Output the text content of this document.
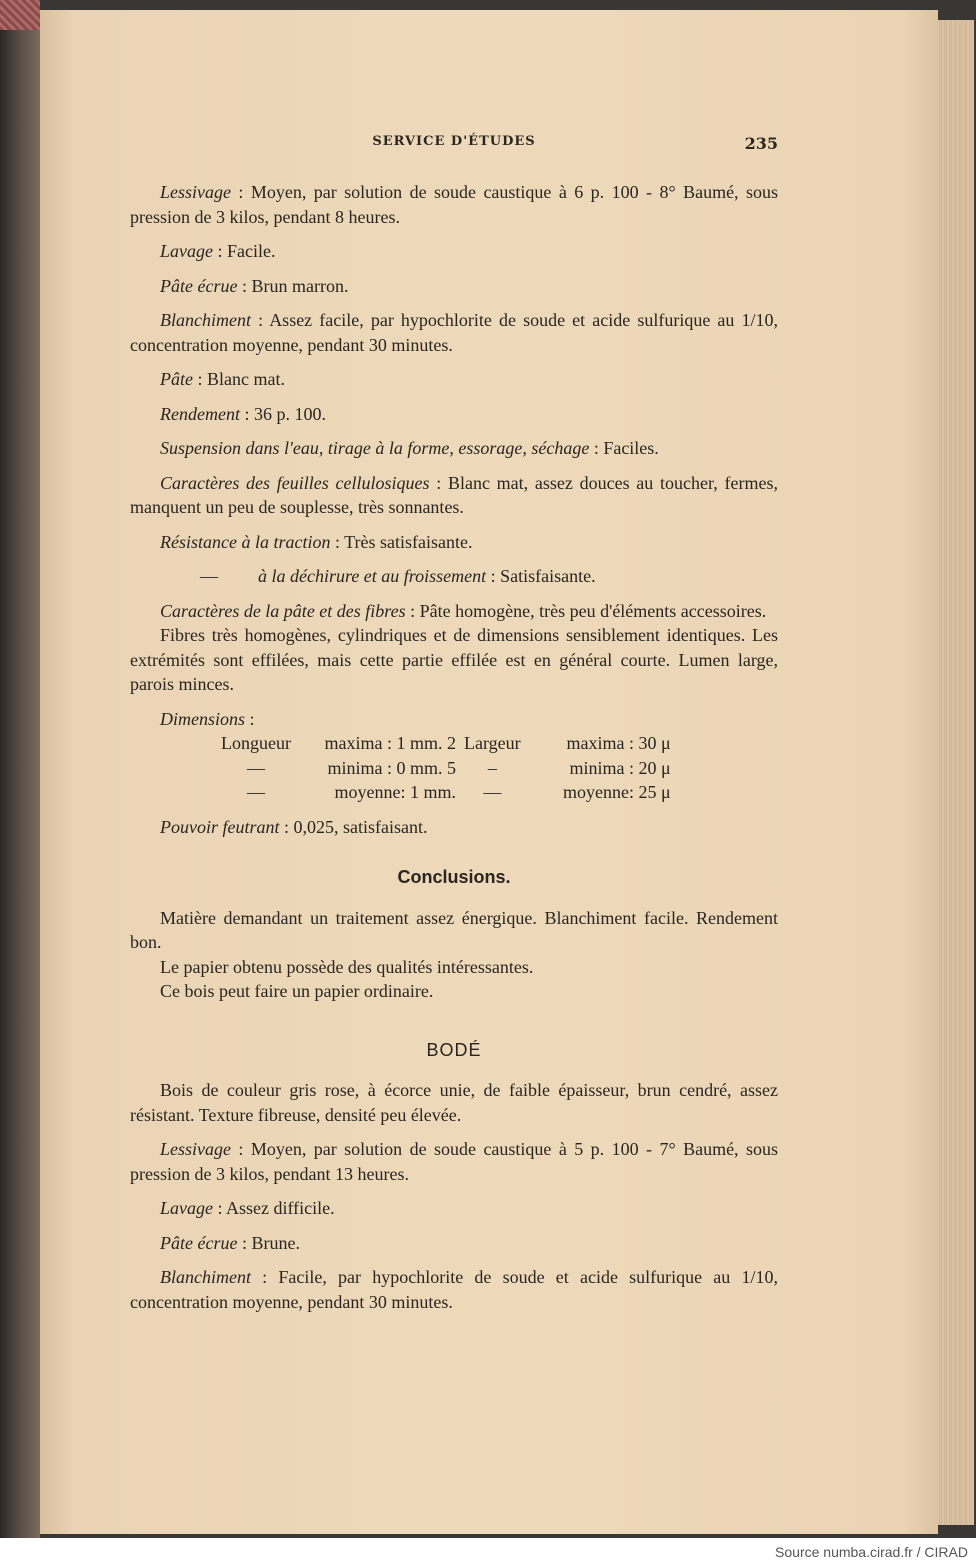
SERVICE D'ÉTUDES	235

Lessivage : Moyen, par solution de soude caustique à 6 p. 100 - 8° Baumé, sous pression de 3 kilos, pendant 8 heures.

Lavage : Facile.

Pâte écrue : Brun marron.

Blanchiment : Assez facile, par hypochlorite de soude et acide sulfurique au 1/10, concentration moyenne, pendant 30 minutes.

Pâte : Blanc mat.

Rendement : 36 p. 100.

Suspension dans l'eau, tirage à la forme, essorage, séchage : Faciles.

Caractères des feuilles cellulosiques : Blanc mat, assez douces au toucher, fermes, manquent un peu de souplesse, très sonnantes.

Résistance à la traction : Très satisfaisante.

— à la déchirure et au froissement : Satisfaisante.

Caractères de la pâte et des fibres : Pâte homogène, très peu d'éléments accessoires.

Fibres très homogènes, cylindriques et de dimensions sensiblement identiques. Les extrémités sont effilées, mais cette partie effilée est en général courte. Lumen large, parois minces.

Dimensions :

Longueur	maxima : 1 mm. 2	Largeur	maxima : 30 μ
—	minima : 0 mm. 5	–	minima : 20 μ
—	moyenne: 1 mm.	—	moyenne: 25 μ

Pouvoir feutrant : 0,025, satisfaisant.

Conclusions.

Matière demandant un traitement assez énergique. Blanchiment facile. Rendement bon.

Le papier obtenu possède des qualités intéressantes.

Ce bois peut faire un papier ordinaire.

BODÉ

Bois de couleur gris rose, à écorce unie, de faible épaisseur, brun cendré, assez résistant. Texture fibreuse, densité peu élevée.

Lessivage : Moyen, par solution de soude caustique à 5 p. 100 - 7° Baumé, sous pression de 3 kilos, pendant 13 heures.

Lavage : Assez difficile.

Pâte écrue : Brune.

Blanchiment : Facile, par hypochlorite de soude et acide sulfurique au 1/10, concentration moyenne, pendant 30 minutes.

Source numba.cirad.fr / CIRAD
